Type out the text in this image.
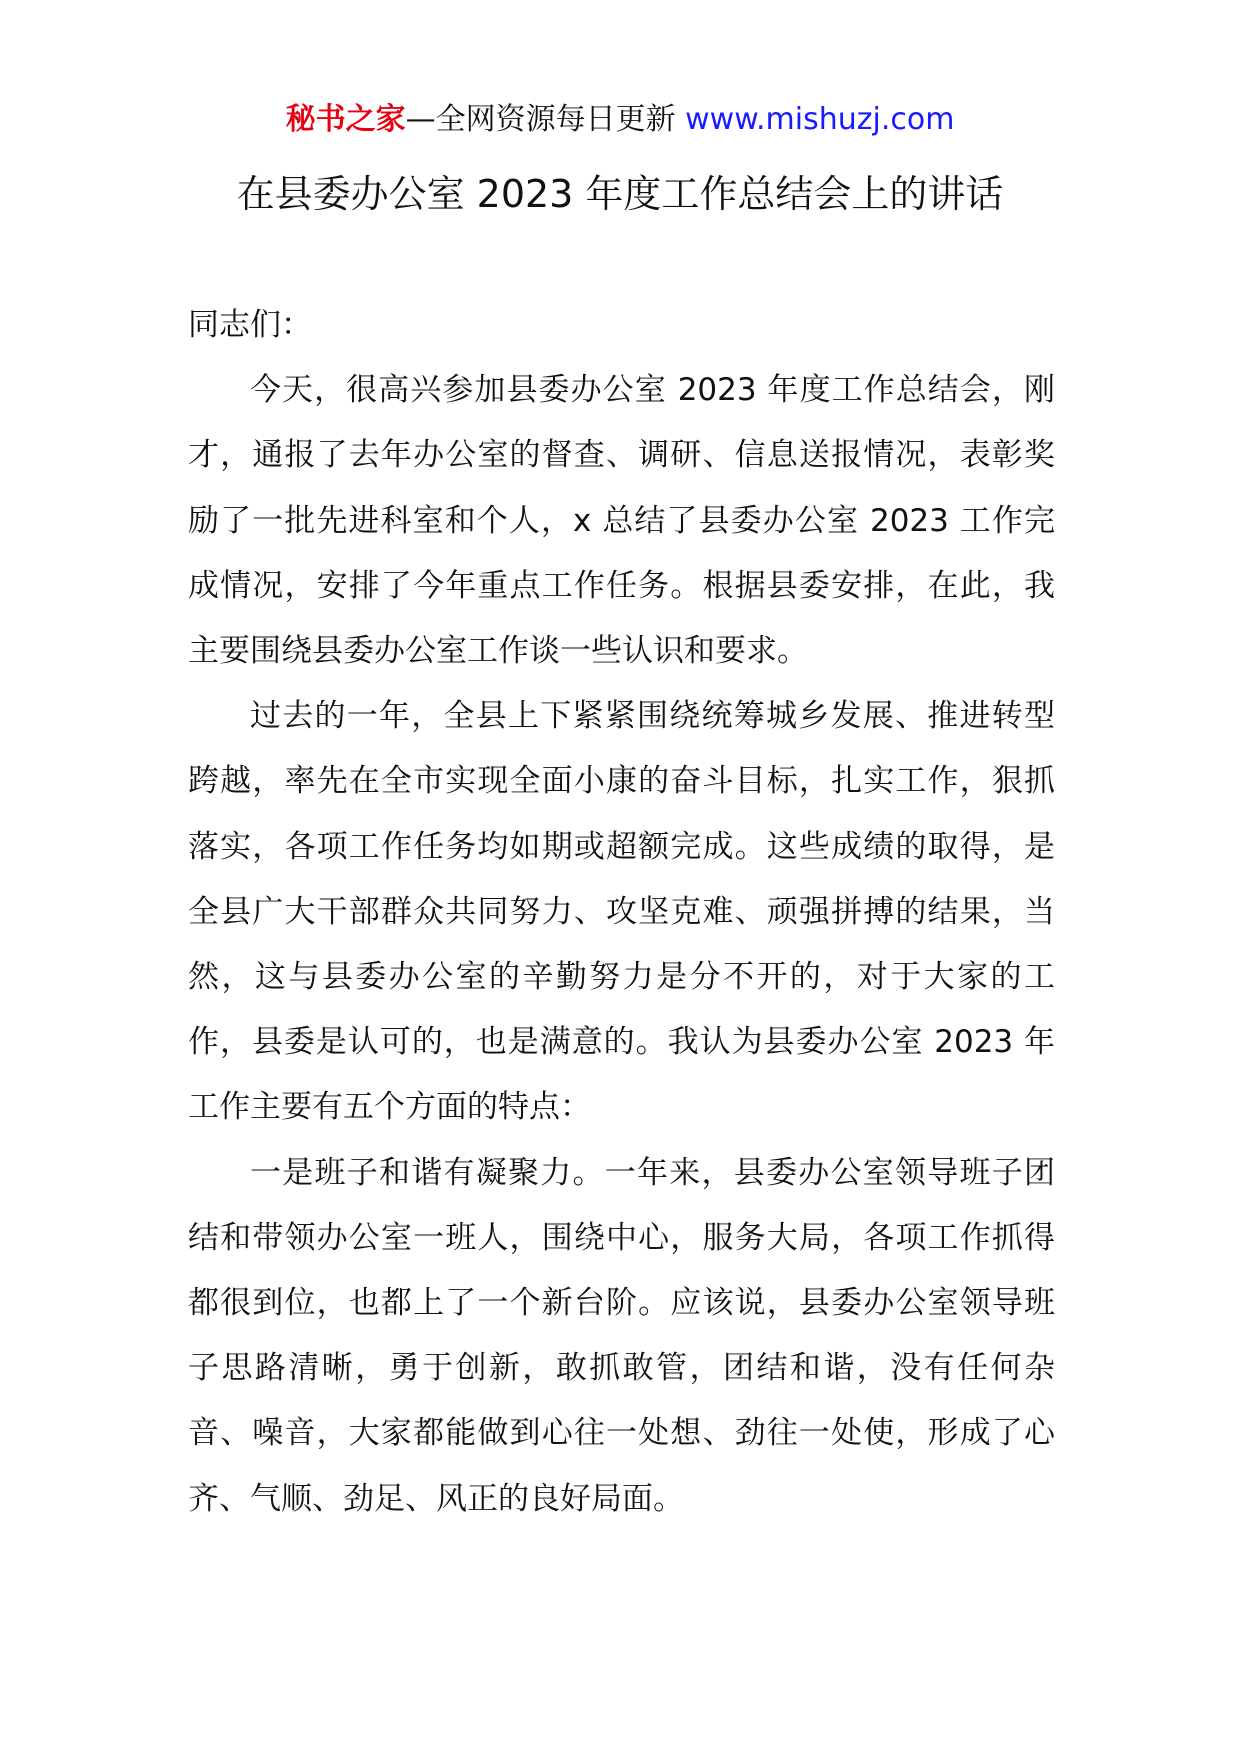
秘书之家—全网资源每日更新 www.mishuzj.com
在县委办公室 2023 年度工作总结会上的讲话

同志们：

今天，很高兴参加县委办公室 2023 年度工作总结会，刚才，通报了去年办公室的督查、调研、信息送报情况，表彰奖励了一批先进科室和个人，x 总结了县委办公室 2023 工作完成情况，安排了今年重点工作任务。根据县委安排，在此，我主要围绕县委办公室工作谈一些认识和要求。

过去的一年，全县上下紧紧围绕统筹城乡发展、推进转型跨越，率先在全市实现全面小康的奋斗目标，扎实工作，狠抓落实，各项工作任务均如期或超额完成。这些成绩的取得，是全县广大干部群众共同努力、攻坚克难、顽强拼搏的结果，当然，这与县委办公室的辛勤努力是分不开的，对于大家的工作，县委是认可的，也是满意的。我认为县委办公室 2023 年工作主要有五个方面的特点：

一是班子和谐有凝聚力。一年来，县委办公室领导班子团结和带领办公室一班人，围绕中心，服务大局，各项工作抓得都很到位，也都上了一个新台阶。应该说，县委办公室领导班子思路清晰，勇于创新，敢抓敢管，团结和谐，没有任何杂音、噪音，大家都能做到心往一处想、劲往一处使，形成了心齐、气顺、劲足、风正的良好局面。
